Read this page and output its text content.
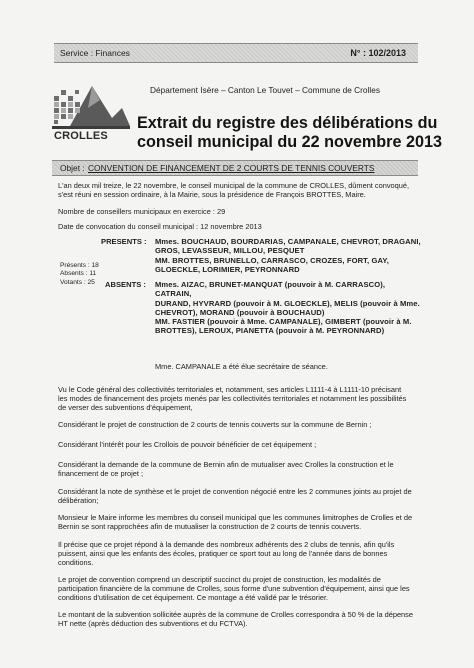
Service : Finances	N° : 102/2013
CROLLES
Département Isère – Canton Le Touvet – Commune de Crolles
Extrait du registre des délibérations du
conseil municipal du 22 novembre 2013
Objet : CONVENTION DE FINANCEMENT DE 2 COURTS DE TENNIS COUVERTS
L'an deux mil treize, le 22 novembre, le conseil municipal de la commune de CROLLES, dûment convoqué,
s'est réuni en session ordinaire, à la Mairie, sous la présidence de François BROTTES, Maire.
Nombre de conseillers municipaux en exercice : 29
Date de convocation du conseil municipal : 12 novembre 2013
PRESENTS : Mmes. BOUCHAUD, BOURDARIAS, CAMPANALE, CHEVROT, DRAGANI,
GROS, LEVASSEUR, MILLOU, PESQUET
MM. BROTTES, BRUNELLO, CARRASCO, CROZES, FORT, GAY,
GLOECKLE, LORIMIER, PEYRONNARD
Présents : 18
Absents : 11
Votants : 25	ABSENTS : Mmes. AIZAC, BRUNET-MANQUAT (pouvoir à M. CARRASCO), CATRAIN,
DURAND, HYVRARD (pouvoir à M. GLOECKLE), MELIS (pouvoir à Mme.
CHEVROT), MORAND (pouvoir à BOUCHAUD)
MM. FASTIER (pouvoir à Mme. CAMPANALE), GIMBERT (pouvoir à M.
BROTTES), LEROUX, PIANETTA (pouvoir à M. PEYRONNARD)
Mme. CAMPANALE a été élue secrétaire de séance.
Vu le Code général des collectivités territoriales et, notamment, ses articles L1111-4 à L1111-10 précisant
les modes de financement des projets menés par les collectivités territoriales et notamment les possibilités
de verser des subventions d'équipement,
Considérant le projet de construction de 2 courts de tennis couverts sur la commune de Bernin ;
Considérant l'intérêt pour les Crollois de pouvoir bénéficier de cet équipement ;
Considérant la demande de la commune de Bernin afin de mutualiser avec Crolles la construction et le
financement de ce projet ;
Considérant la note de synthèse et le projet de convention négocié entre les 2 communes joints au projet de
délibération;
Monsieur le Maire informe les membres du conseil municipal que les communes limitrophes de Crolles et de
Bernin se sont rapprochées afin de mutualiser la construction de 2 courts de tennis couverts.
Il précise que ce projet répond à la demande des nombreux adhérents des 2 clubs de tennis, afin qu'ils
puissent, ainsi que les enfants des écoles, pratiquer ce sport tout au long de l'année dans de bonnes
conditions.
Le projet de convention comprend un descriptif succinct du projet de construction, les modalités de
participation financière de la commune de Crolles, sous forme d'une subvention d'équipement, ainsi que les
conditions d'utilisation de cet équipement. Ce montage a été validé par le trésorier.
Le montant de la subvention sollicitée auprès de la commune de Crolles correspondra à 50 % de la dépense
HT nette (après déduction des subventions et du FCTVA).
